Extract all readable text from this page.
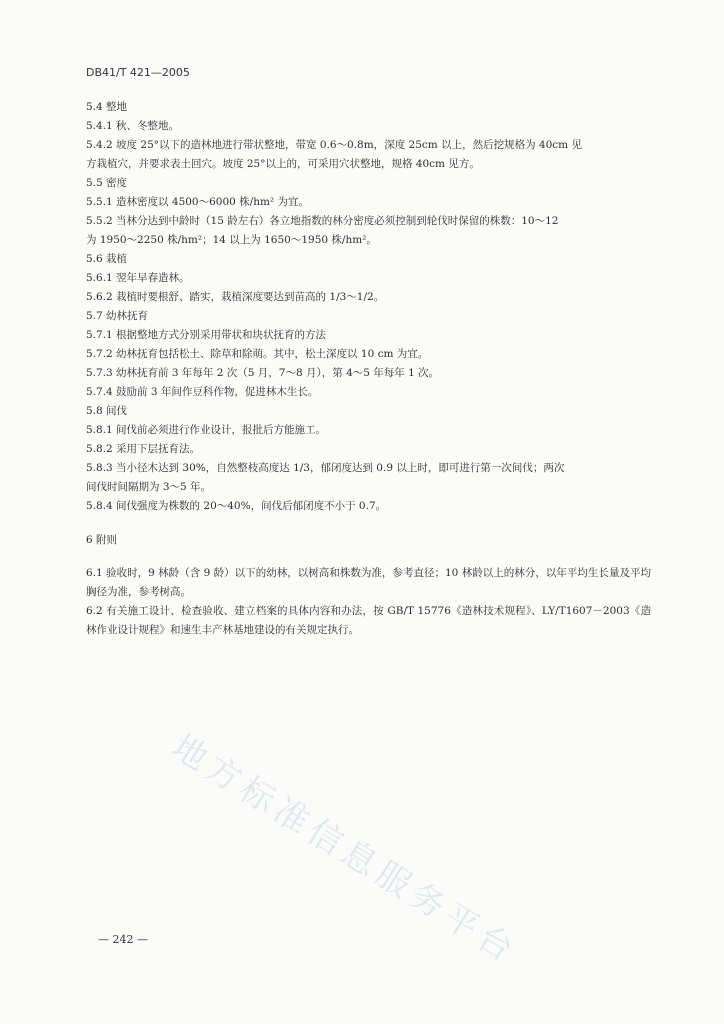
DB41/T 421—2005
5.4 整地
5.4.1 秋、冬整地。
5.4.2 坡度 25°以下的造林地进行带状整地，带宽 0.6～0.8m，深度 25cm 以上，然后挖规格为 40cm 见
方栽植穴，并要求表土回穴。坡度 25°以上的，可采用穴状整地，规格 40cm 见方。
5.5 密度
5.5.1 造林密度以 4500～6000 株/hm² 为宜。
5.5.2 当林分达到中龄时（15 龄左右）各立地指数的林分密度必须控制到轮伐时保留的株数：10～12
为 1950～2250 株/hm²；14 以上为 1650～1950 株/hm²。
5.6 栽植
5.6.1 翌年早春造林。
5.6.2 栽植时要根舒、踏实，栽植深度要达到苗高的 1/3～1/2。
5.7 幼林抚育
5.7.1 根据整地方式分别采用带状和块状抚育的方法
5.7.2 幼林抚育包括松土、除草和除萌。其中，松土深度以 10 cm 为宜。
5.7.3 幼林抚育前 3 年每年 2 次（5 月，7～8 月），第 4～5 年每年 1 次。
5.7.4 鼓励前 3 年间作豆科作物，促进林木生长。
5.8 间伐
5.8.1 间伐前必须进行作业设计，报批后方能施工。
5.8.2 采用下层抚育法。
5.8.3 当小径木达到 30%，自然整枝高度达 1/3，郁闭度达到 0.9 以上时，即可进行第一次间伐；两次
间伐时间隔期为 3～5 年。
5.8.4 间伐强度为株数的 20～40%，间伐后郁闭度不小于 0.7。
6 附则
6.1 验收时，9 林龄（含 9 龄）以下的幼林，以树高和株数为准，参考直径；10 林龄以上的林分，以年平均生长量及平均胸径为准，参考树高。
6.2 有关施工设计、检查验收、建立档案的具体内容和办法，按 GB/T 15776《造林技术规程》、LY/T1607－2003《造林作业设计规程》和速生丰产林基地建设的有关规定执行。
地方标准信息服务平台
— 242 —
